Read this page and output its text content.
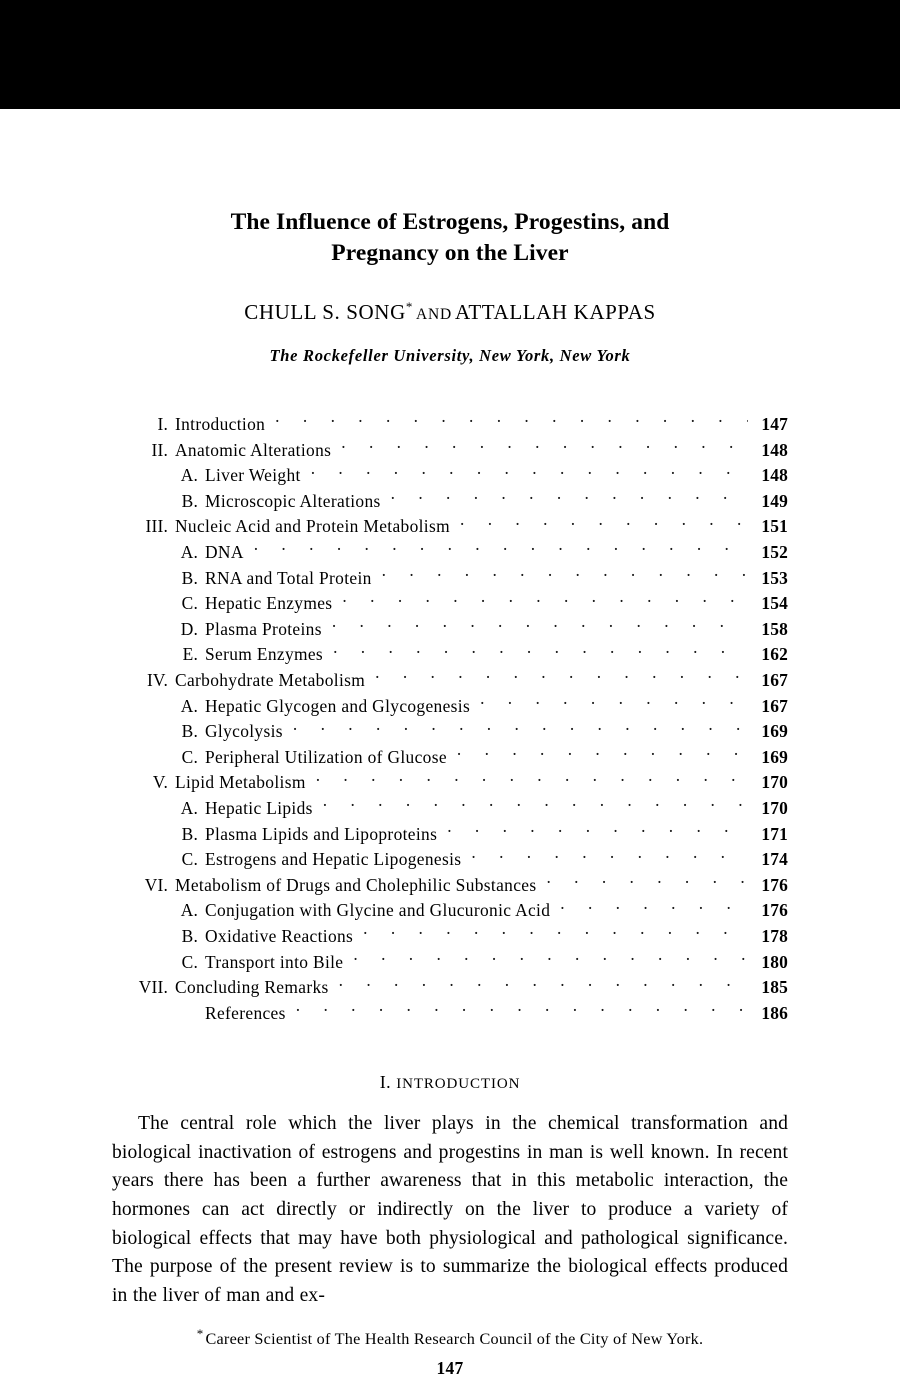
The Influence of Estrogens, Progestins, and
Pregnancy on the Liver
CHULL S. SONG* AND ATTALLAH KAPPAS
The Rockefeller University, New York, New York
I. Introduction . . .	147
II. Anatomic Alterations . . .	148
A. Liver Weight . . .	148
B. Microscopic Alterations . . .	149
III. Nucleic Acid and Protein Metabolism . . .	151
A. DNA . . .	152
B. RNA and Total Protein . . .	153
C. Hepatic Enzymes . . .	154
D. Plasma Proteins . . .	158
E. Serum Enzymes . . .	162
IV. Carbohydrate Metabolism . . .	167
A. Hepatic Glycogen and Glycogenesis . . .	167
B. Glycolysis . . .	169
C. Peripheral Utilization of Glucose . . .	169
V. Lipid Metabolism . . .	170
A. Hepatic Lipids . . .	170
B. Plasma Lipids and Lipoproteins . . .	171
C. Estrogens and Hepatic Lipogenesis . . .	174
VI. Metabolism of Drugs and Cholephilic Substances . . .	176
A. Conjugation with Glycine and Glucuronic Acid . . .	176
B. Oxidative Reactions . . .	178
C. Transport into Bile . . .	180
VII. Concluding Remarks . . .	185
References . . .	186
I. INTRODUCTION

The central role which the liver plays in the chemical transformation and biological inactivation of estrogens and progestins in man is well known. In recent years there has been a further awareness that in this metabolic interaction, the hormones can act directly or indirectly on the liver to produce a variety of biological effects that may have both physiological and pathological significance. The purpose of the present review is to summarize the biological effects produced in the liver of man and ex-

* Career Scientist of The Health Research Council of the City of New York.
147
